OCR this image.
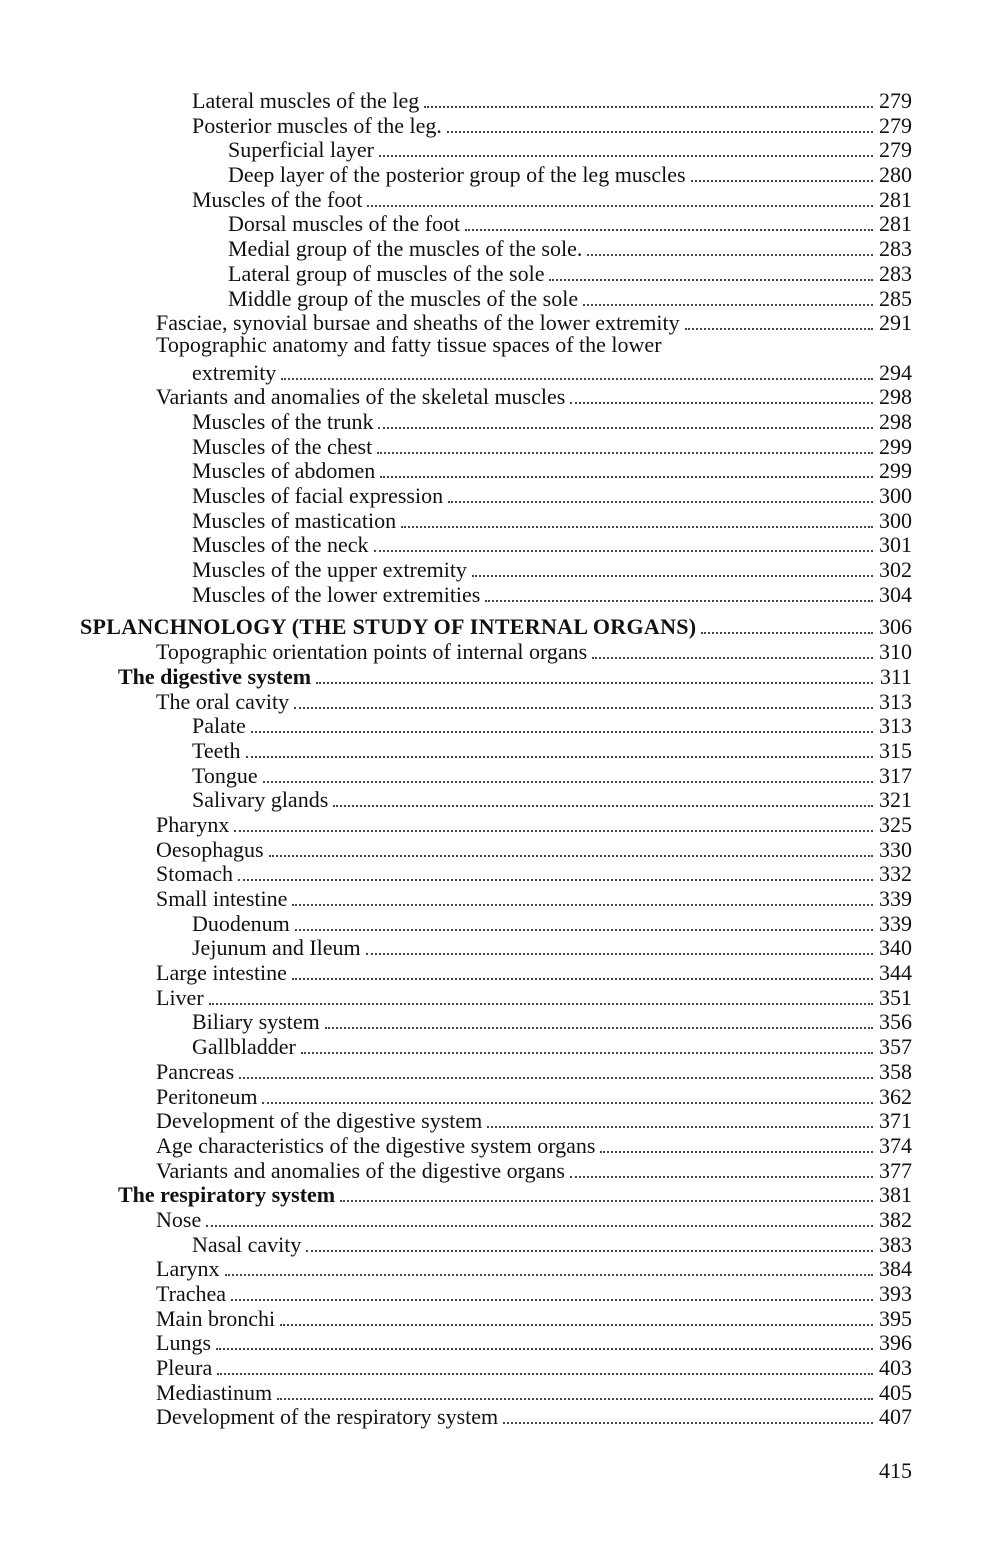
Lateral muscles of the leg	279
Posterior muscles of the leg.	279
Superficial layer	279
Deep layer of the posterior group of the leg muscles	280
Muscles of the foot	281
Dorsal muscles of the foot	281
Medial group of the muscles of the sole.	283
Lateral group of muscles of the sole	283
Middle group of the muscles of the sole	285
Fasciae, synovial bursae and sheaths of the lower extremity	291
Topographic anatomy and fatty tissue spaces of the lower
extremity	294
Variants and anomalies of the skeletal muscles	298
Muscles of the trunk	298
Muscles of the chest	299
Muscles of abdomen	299
Muscles of facial expression	300
Muscles of mastication	300
Muscles of the neck	301
Muscles of the upper extremity	302
Muscles of the lower extremities	304
SPLANCHNOLOGY (THE STUDY OF INTERNAL ORGANS)	306
Topographic orientation points of internal organs	310
The digestive system	311
The oral cavity	313
Palate	313
Teeth	315
Tongue	317
Salivary glands	321
Pharynx	325
Oesophagus	330
Stomach	332
Small intestine	339
Duodenum	339
Jejunum and Ileum	340
Large intestine	344
Liver	351
Biliary system	356
Gallbladder	357
Pancreas	358
Peritoneum	362
Development of the digestive system	371
Age characteristics of the digestive system organs	374
Variants and anomalies of the digestive organs	377
The respiratory system	381
Nose	382
Nasal cavity	383
Larynx	384
Trachea	393
Main bronchi	395
Lungs	396
Pleura	403
Mediastinum	405
Development of the respiratory system	407
415
